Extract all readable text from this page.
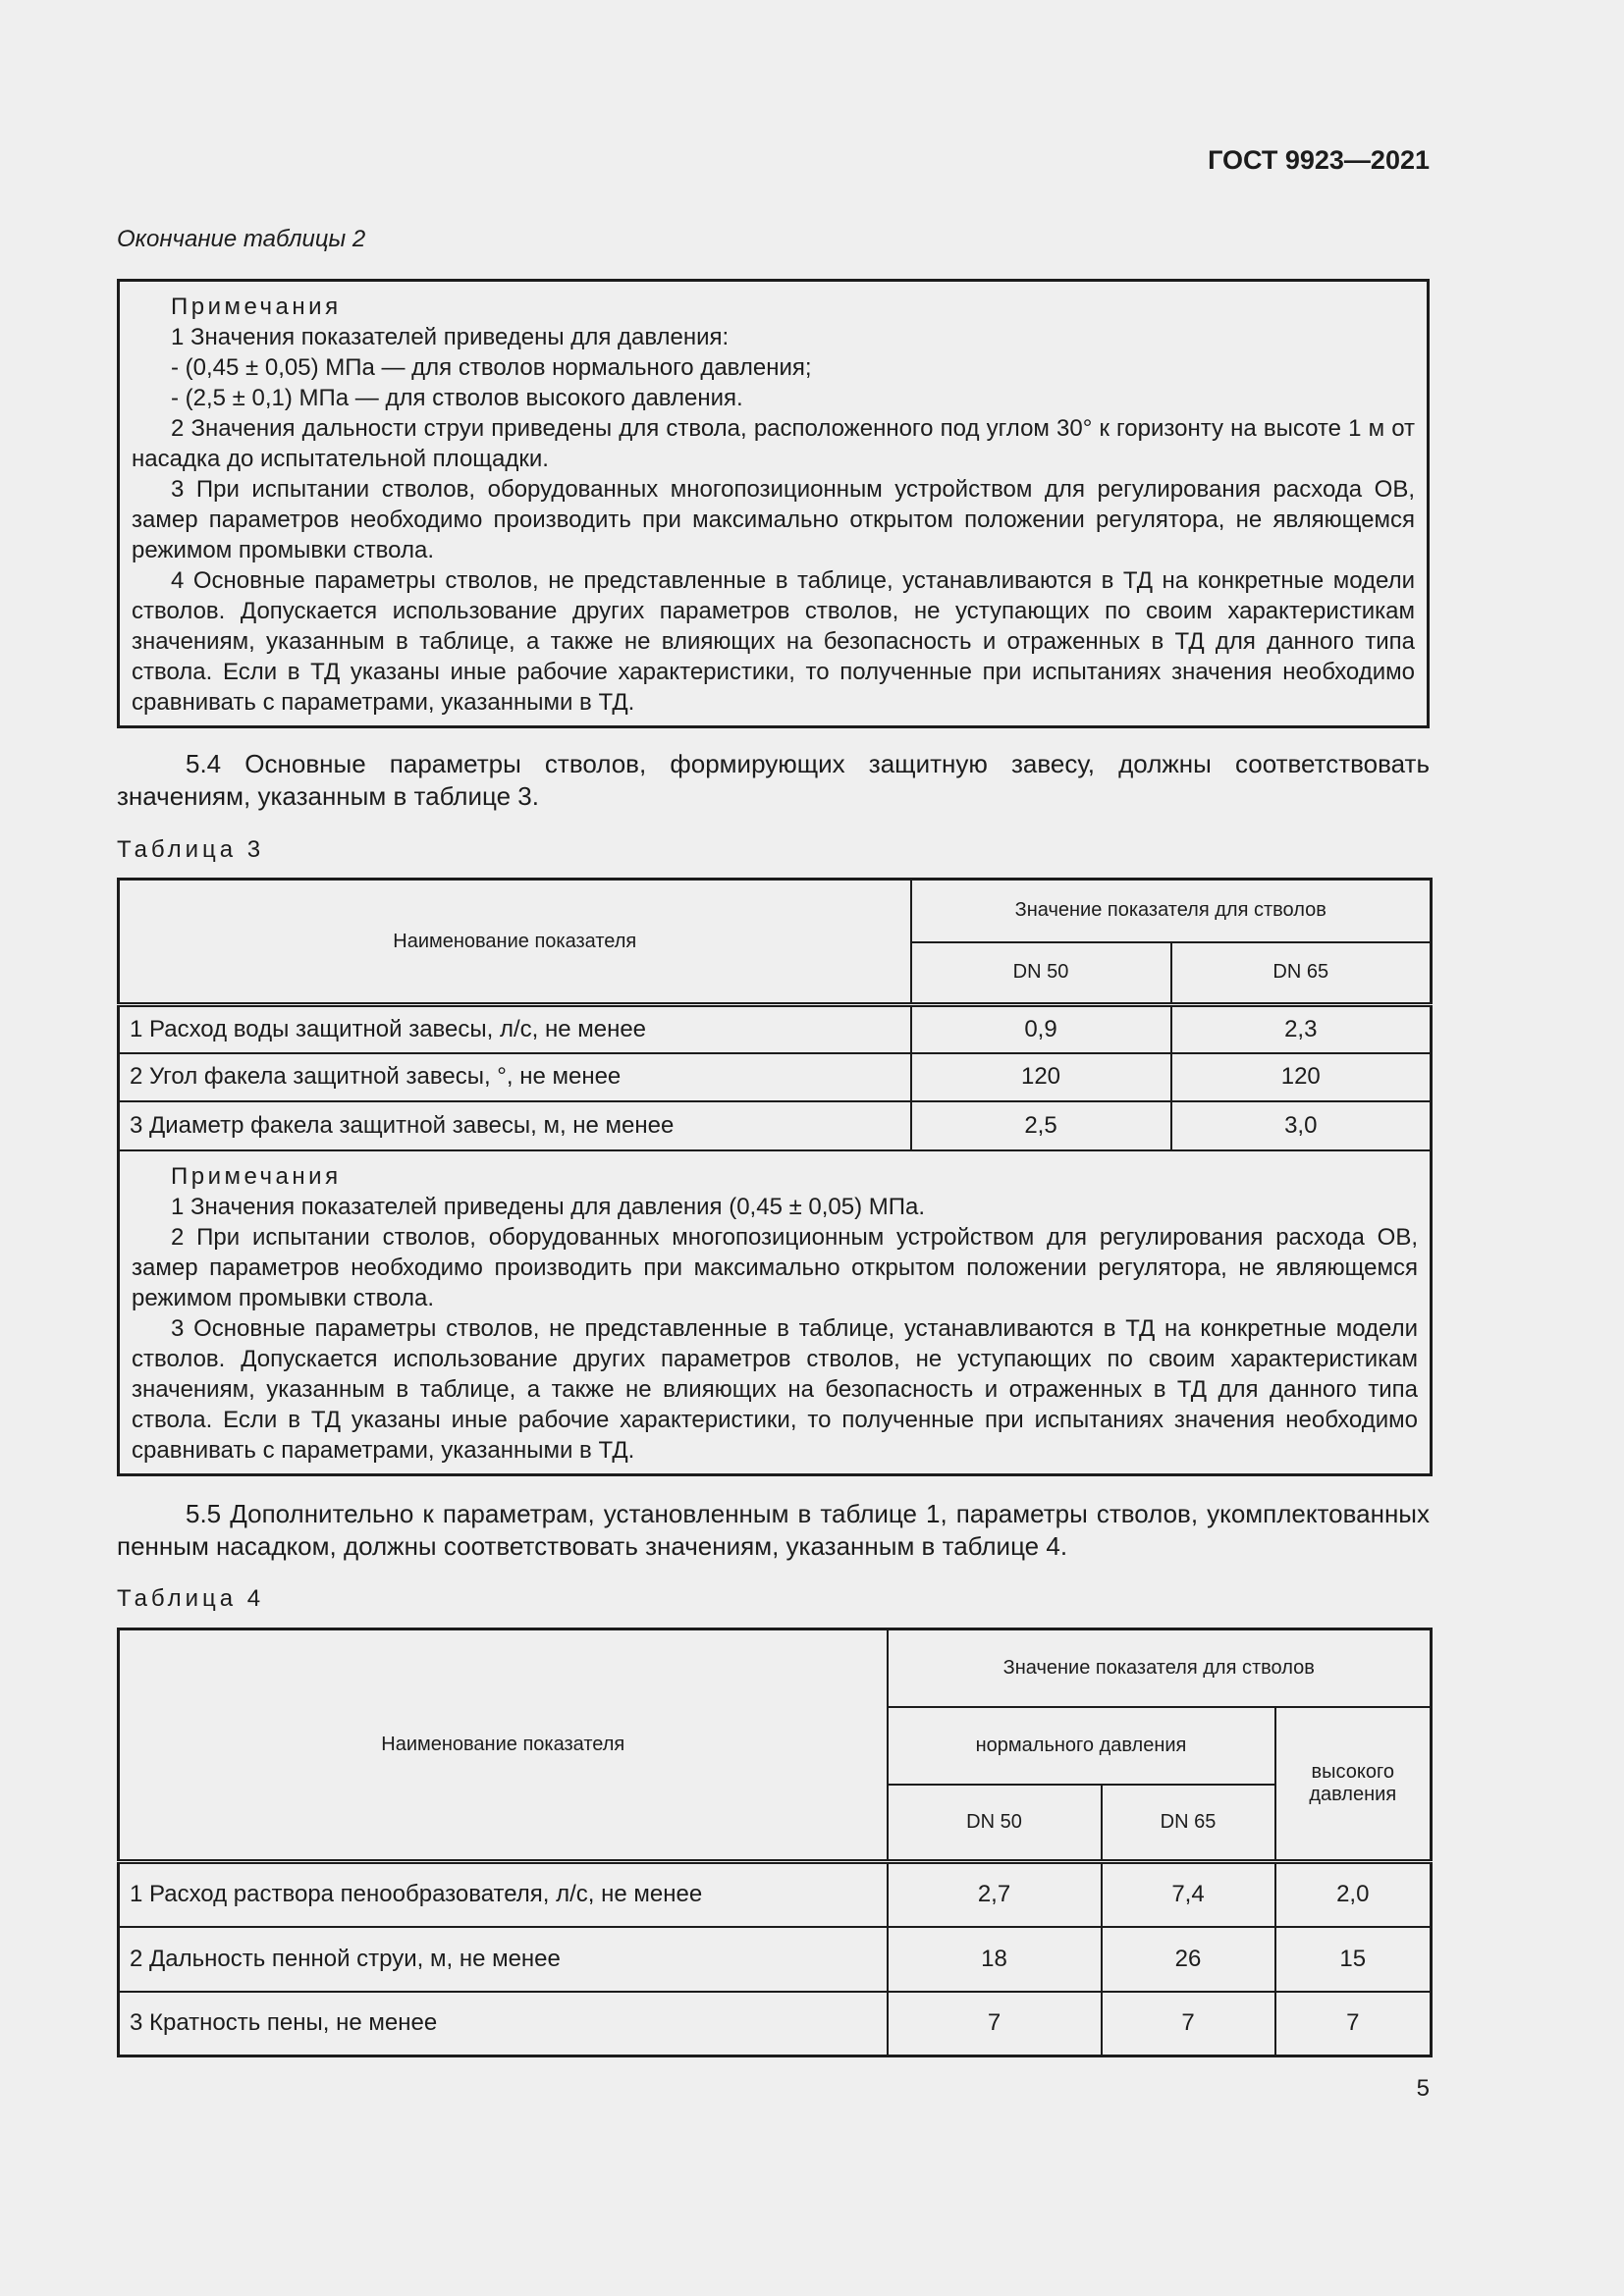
ГОСТ 9923—2021
Окончание таблицы 2
Примечания
1 Значения показателей приведены для давления:
- (0,45 ± 0,05) МПа — для стволов нормального давления;
- (2,5 ± 0,1) МПа — для стволов высокого давления.
2 Значения дальности струи приведены для ствола, расположенного под углом 30° к горизонту на высоте 1 м от насадка до испытательной площадки.
3 При испытании стволов, оборудованных многопозиционным устройством для регулирования расхода ОВ, замер параметров необходимо производить при максимально открытом положении регулятора, не являющемся режимом промывки ствола.
4 Основные параметры стволов, не представленные в таблице, устанавливаются в ТД на конкретные модели стволов. Допускается использование других параметров стволов, не уступающих по своим характеристикам значениям, указанным в таблице, а также не влияющих на безопасность и отраженных в ТД для данного типа ствола. Если в ТД указаны иные рабочие характеристики, то полученные при испытаниях значения необходимо сравнивать с параметрами, указанными в ТД.
5.4 Основные параметры стволов, формирующих защитную завесу, должны соответствовать значениям, указанным в таблице 3.
Таблица 3
Наименование показателя	Значение показателя для стволов	
	DN 50	DN 65
1 Расход воды защитной завесы, л/с, не менее	0,9	2,3
2 Угол факела защитной завесы, °, не менее	120	120
3 Диаметр факела защитной завесы, м, не менее	2,5	3,0

Примечания
1 Значения показателей приведены для давления (0,45 ± 0,05) МПа.
2 При испытании стволов, оборудованных многопозиционным устройством для регулирования расхода ОВ, замер параметров необходимо производить при максимально открытом положении регулятора, не являющемся режимом промывки ствола.
3 Основные параметры стволов, не представленные в таблице, устанавливаются в ТД на конкретные модели стволов. Допускается использование других параметров стволов, не уступающих по своим характеристикам значениям, указанным в таблице, а также не влияющих на безопасность и отраженных в ТД для данного типа ствола. Если в ТД указаны иные рабочие характеристики, то полученные при испытаниях значения необходимо сравнивать с параметрами, указанными в ТД.		
5.5 Дополнительно к параметрам, установленным в таблице 1, параметры стволов, укомплектованных пенным насадком, должны соответствовать значениям, указанным в таблице 4.
Таблица 4
Наименование показателя	Значение показателя для стволов		
	нормального давления		высокого давления
	DN 50	DN 65	
1 Расход раствора пенообразователя, л/с, не менее	2,7	7,4	2,0
2 Дальность пенной струи, м, не менее	18	26	15
3 Кратность пены, не менее	7	7	7
5
